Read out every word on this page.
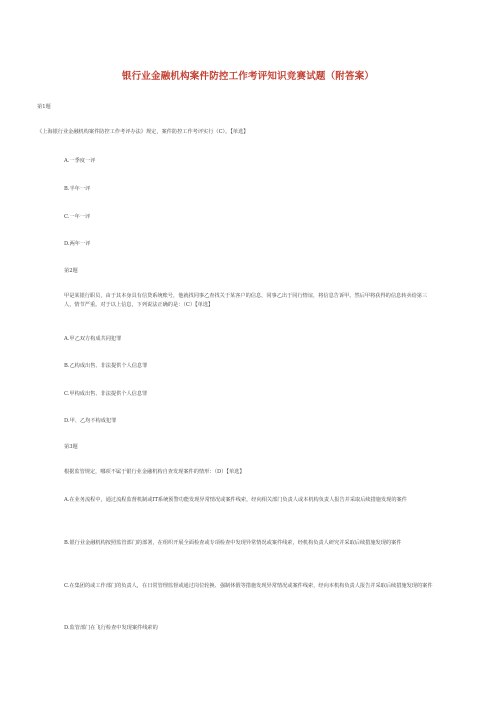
银行业金融机构案件防控工作考评知识竞赛试题（附答案）
第1题
《上海银行业金融机构案件防控工作考评办法》规定，案件防控工作考评实行（C）。【单选】
A.一季度一评
B.半年一评
C.一年一评
D.两年一评
第2题
甲是某银行职员，由于其本身具有信贷系统账号，他就找同事乙查找关于某客户的信息，同事乙出于同行情谊，将信息告诉甲。然后甲将获得的信息转卖给第三人，情节严重。对于以上信息，下列说法正确的是：（C）【单选】
A.甲乙双方构成共同犯罪
B.乙构成出售、非法提供个人信息罪
C.甲构成出售、非法提供个人信息罪
D.甲、乙均不构成犯罪
第3题
根据监管规定，哪项不属于银行业金融机构自查发现案件的情形：（D）【单选】
A.在业务流程中，通过流程监督机制或IT系统预警功能发现异常情况或案件线索，经向相关部门负责人或本机构负责人报告并采取后续措施发现的案件
B.银行业金融机构按照监管部门的部署，在组织开展全面检查或专项检查中发现异常情况或案件线索，经机构负责人研究并采取后续措施发现的案件
C.在集团的或工作部门的负责人，在日常管理监督或通过岗位轮换、强制休假等措施发现异常情况或案件线索，经向本机构负责人报告并采取后续措施发现的案件
D.监管部门在飞行检查中发现案件线索的
